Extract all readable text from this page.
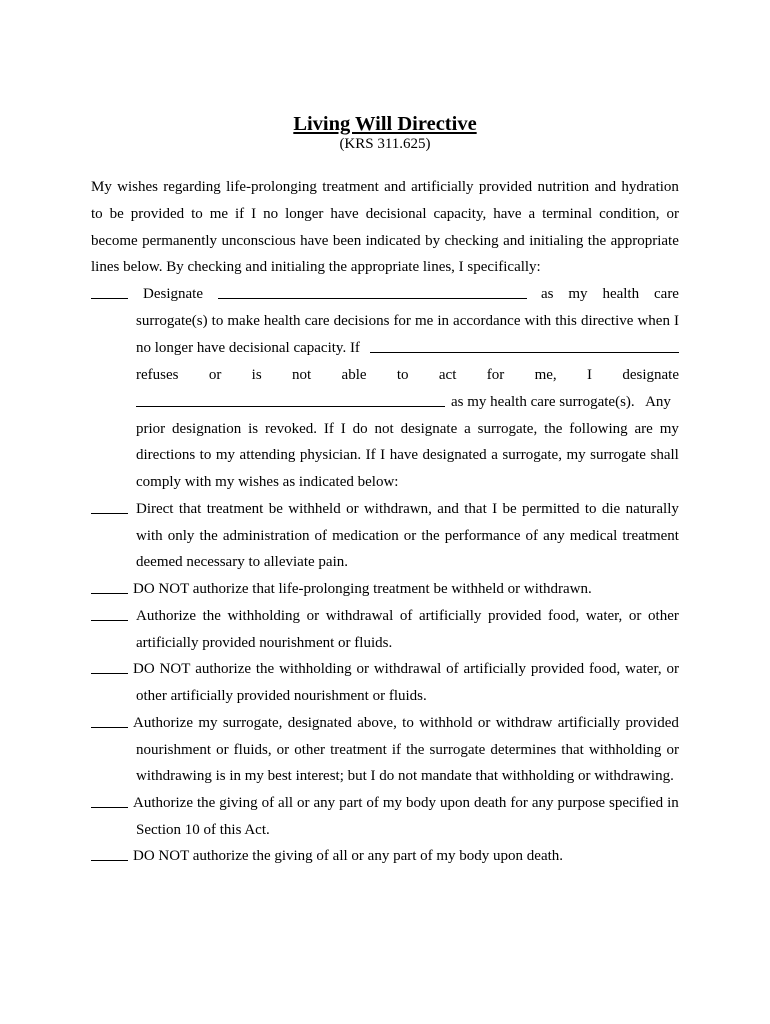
Living Will Directive
(KRS 311.625)
My wishes regarding life-prolonging treatment and artificially provided nutrition and hydration
to be provided to me if I no longer have decisional capacity, have a terminal condition, or
become permanently unconscious have been indicated by checking and initialing the appropriate
lines below. By checking and initialing the appropriate lines, I specifically:
Designate	as my health care
surrogate(s) to make health care decisions for me in accordance with this directive when I
no longer have decisional capacity. If
refuses or is not able to act for me, I designate
as my health care surrogate(s).   Any
prior designation is revoked. If I do not designate a surrogate, the following are my
directions to my attending physician. If I have designated a surrogate, my surrogate shall
comply with my wishes as indicated below:
Direct that treatment be withheld or withdrawn, and that I be permitted to die naturally
with only the administration of medication or the performance of any medical treatment
deemed necessary to alleviate pain.
DO NOT authorize that life-prolonging treatment be withheld or withdrawn.
Authorize the withholding or withdrawal of artificially provided food, water, or other
artificially provided nourishment or fluids.
DO NOT authorize the withholding or withdrawal of artificially provided food, water, or
other artificially provided nourishment or fluids.
Authorize my surrogate, designated above, to withhold or withdraw artificially provided
nourishment or fluids, or other treatment if the surrogate determines that withholding or
withdrawing is in my best interest; but I do not mandate that withholding or withdrawing.
Authorize the giving of all or any part of my body upon death for any purpose specified in
Section 10 of this Act.
DO NOT authorize the giving of all or any part of my body upon death.
